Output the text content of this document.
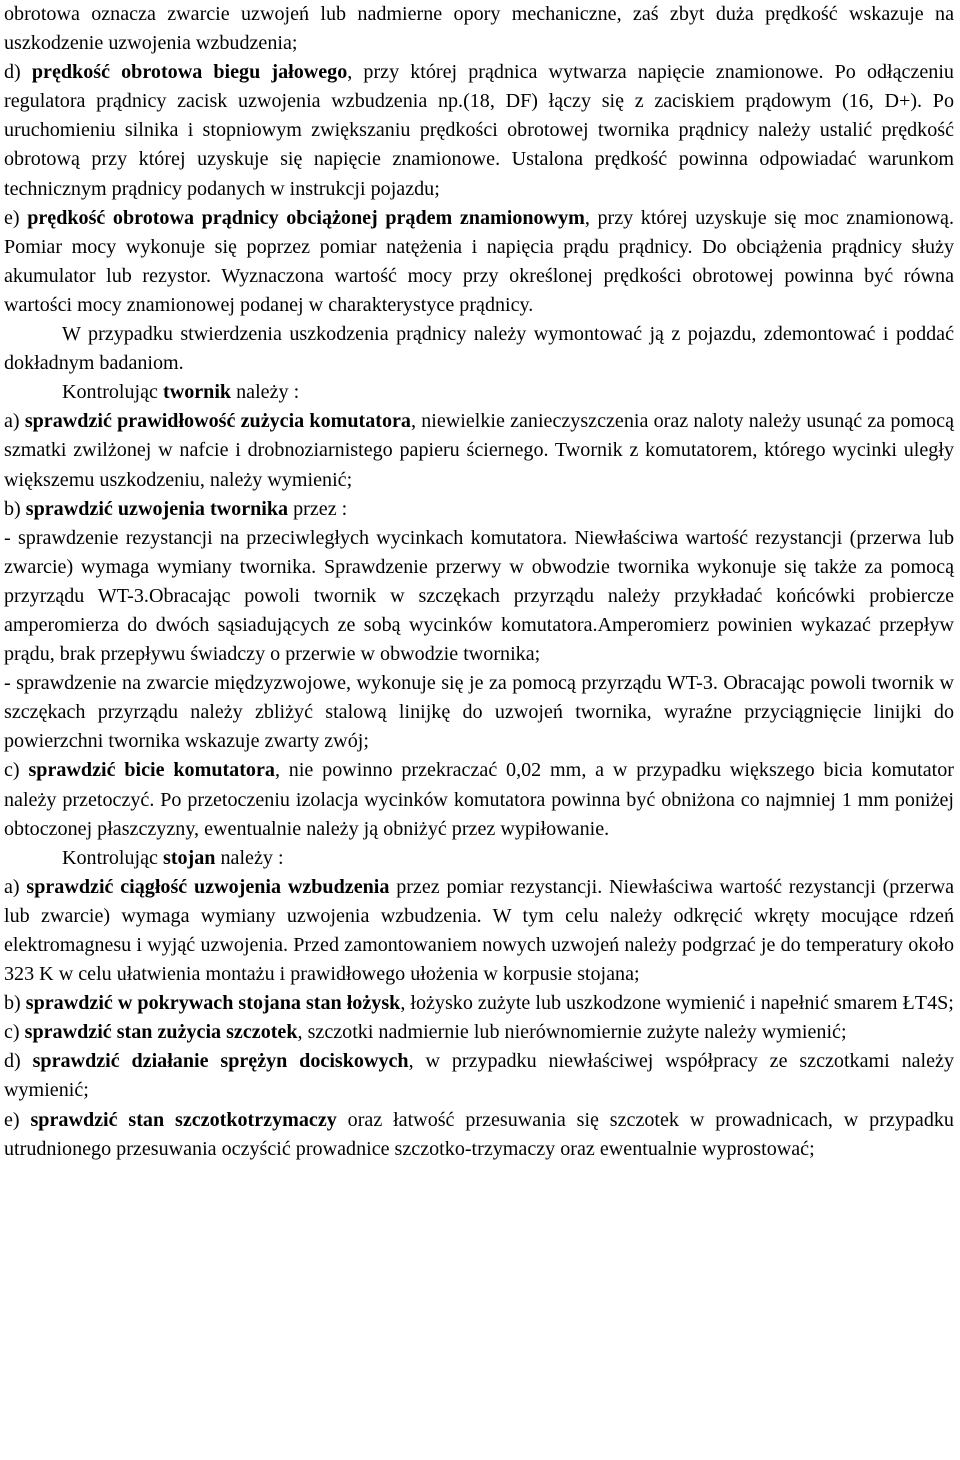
obrotowa oznacza zwarcie uzwojeń lub nadmierne opory mechaniczne, zaś zbyt duża prędkość wskazuje na uszkodzenie uzwojenia wzbudzenia;

d) prędkość obrotowa biegu jałowego, przy której prądnica wytwarza napięcie znamionowe. Po odłączeniu regulatora prądnicy zacisk uzwojenia wzbudzenia np.(18, DF) łączy się z zaciskiem prądowym (16, D+). Po uruchomieniu silnika i stopniowym zwiększaniu prędkości obrotowej twornika prądnicy należy ustalić prędkość obrotową przy której uzyskuje się napięcie znamionowe. Ustalona prędkość powinna odpowiadać warunkom technicznym prądnicy podanych w instrukcji pojazdu;

e) prędkość obrotowa prądnicy obciążonej prądem znamionowym, przy której uzyskuje się moc znamionową. Pomiar mocy wykonuje się poprzez pomiar natężenia i napięcia prądu prądnicy. Do obciążenia prądnicy służy akumulator lub rezystor. Wyznaczona wartość mocy przy określonej prędkości obrotowej powinna być równa wartości mocy znamionowej podanej w charakterystyce prądnicy.

W przypadku stwierdzenia uszkodzenia prądnicy należy wymontować ją z pojazdu, zdemontować i poddać dokładnym badaniom.

Kontrolując twornik należy :

a) sprawdzić prawidłowość zużycia komutatora, niewielkie zanieczyszczenia oraz naloty należy usunąć za pomocą szmatki zwilżonej w nafcie i drobnoziarnistego papieru ściernego. Twornik z komutatorem, którego wycinki uległy większemu uszkodzeniu, należy wymienić;

b) sprawdzić uzwojenia twornika przez :

- sprawdzenie rezystancji na przeciwległych wycinkach komutatora. Niewłaściwa wartość rezystancji (przerwa lub zwarcie) wymaga wymiany twornika. Sprawdzenie przerwy w obwodzie twornika wykonuje się także za pomocą przyrządu WT-3.Obracając powoli twornik w szczękach przyrządu należy przykładać końcówki probiercze amperomierza do dwóch sąsiadujących ze sobą wycinków komutatora.Amperomierz powinien wykazać przepływ prądu, brak przepływu świadczy o przerwie w obwodzie twornika;

- sprawdzenie na zwarcie międzyzwojowe, wykonuje się je za pomocą przyrządu WT-3. Obracając powoli twornik w szczękach przyrządu należy zbliżyć stalową linijkę do uzwojeń twornika, wyraźne przyciągnięcie linijki do powierzchni twornika wskazuje zwarty zwój;

c) sprawdzić bicie komutatora, nie powinno przekraczać 0,02 mm, a w przypadku większego bicia komutator należy przetoczyć. Po przetoczeniu izolacja wycinków komutatora powinna być obniżona co najmniej 1 mm poniżej obtoczonej płaszczyzny, ewentualnie należy ją obniżyć przez wypiłowanie.

Kontrolując stojan należy :

a) sprawdzić ciągłość uzwojenia wzbudzenia przez pomiar rezystancji. Niewłaściwa wartość rezystancji (przerwa lub zwarcie) wymaga wymiany uzwojenia wzbudzenia. W tym celu należy odkręcić wkręty mocujące rdzeń elektromagnesu i wyjąć uzwojenia. Przed zamontowaniem nowych uzwojeń należy podgrzać je do temperatury około 323 K w celu ułatwienia montażu i prawidłowego ułożenia w korpusie stojana;

b) sprawdzić w pokrywach stojana stan łożysk, łożysko zużyte lub uszkodzone wymienić i napełnić smarem ŁT4S;

c) sprawdzić stan zużycia szczotek, szczotki nadmiernie lub nierównomiernie zużyte należy wymienić;

d) sprawdzić działanie sprężyn dociskowych, w przypadku niewłaściwej współpracy ze szczotkami należy wymienić;

e) sprawdzić stan szczotkotrzymaczy oraz łatwość przesuwania się szczotek w prowadnicach, w przypadku utrudnionego przesuwania oczyścić prowadnice szczotko-trzymaczy oraz ewentualnie wyprostować;
